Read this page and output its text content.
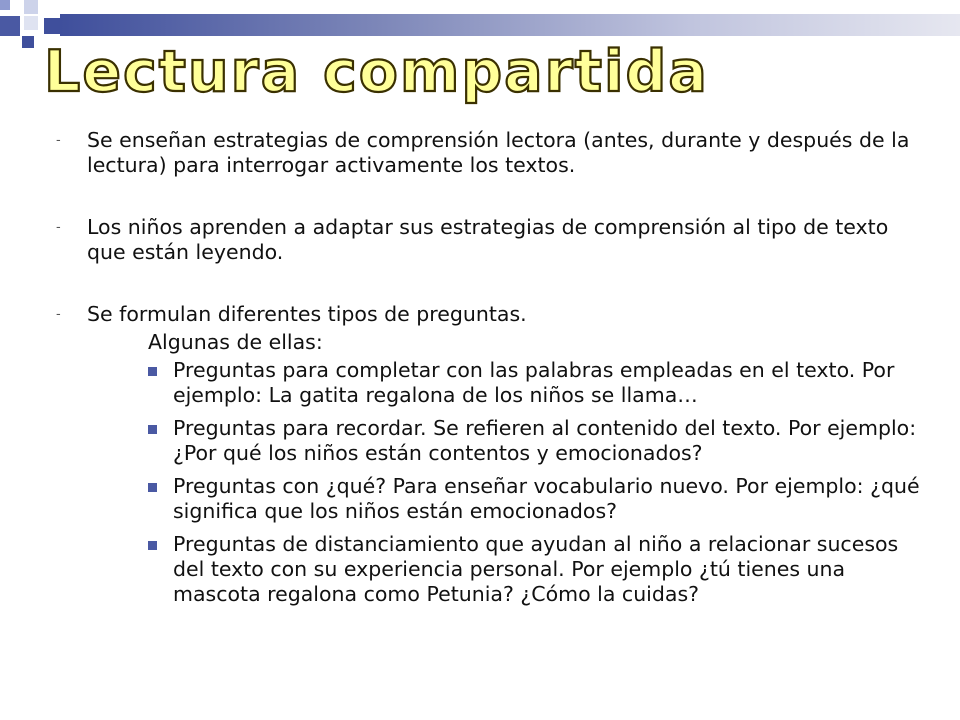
Lectura compartida
- Se enseñan estrategias de comprensión lectora (antes, durante y después de la lectura) para interrogar activamente los textos.
- Los niños aprenden a adaptar sus estrategias de comprensión al tipo de texto que están leyendo.
- Se formulan diferentes tipos de preguntas.
Algunas de ellas:
Preguntas para completar con las palabras empleadas en el texto. Por ejemplo: La gatita regalona de los niños se llama…
Preguntas para recordar. Se refieren al contenido del texto. Por ejemplo: ¿Por qué los niños están contentos y emocionados?
Preguntas con ¿qué? Para enseñar vocabulario nuevo. Por ejemplo: ¿qué significa que los niños están emocionados?
Preguntas de distanciamiento que ayudan al niño a relacionar sucesos del texto con su experiencia personal. Por ejemplo ¿tú tienes una mascota regalona como Petunia? ¿Cómo la cuidas?
